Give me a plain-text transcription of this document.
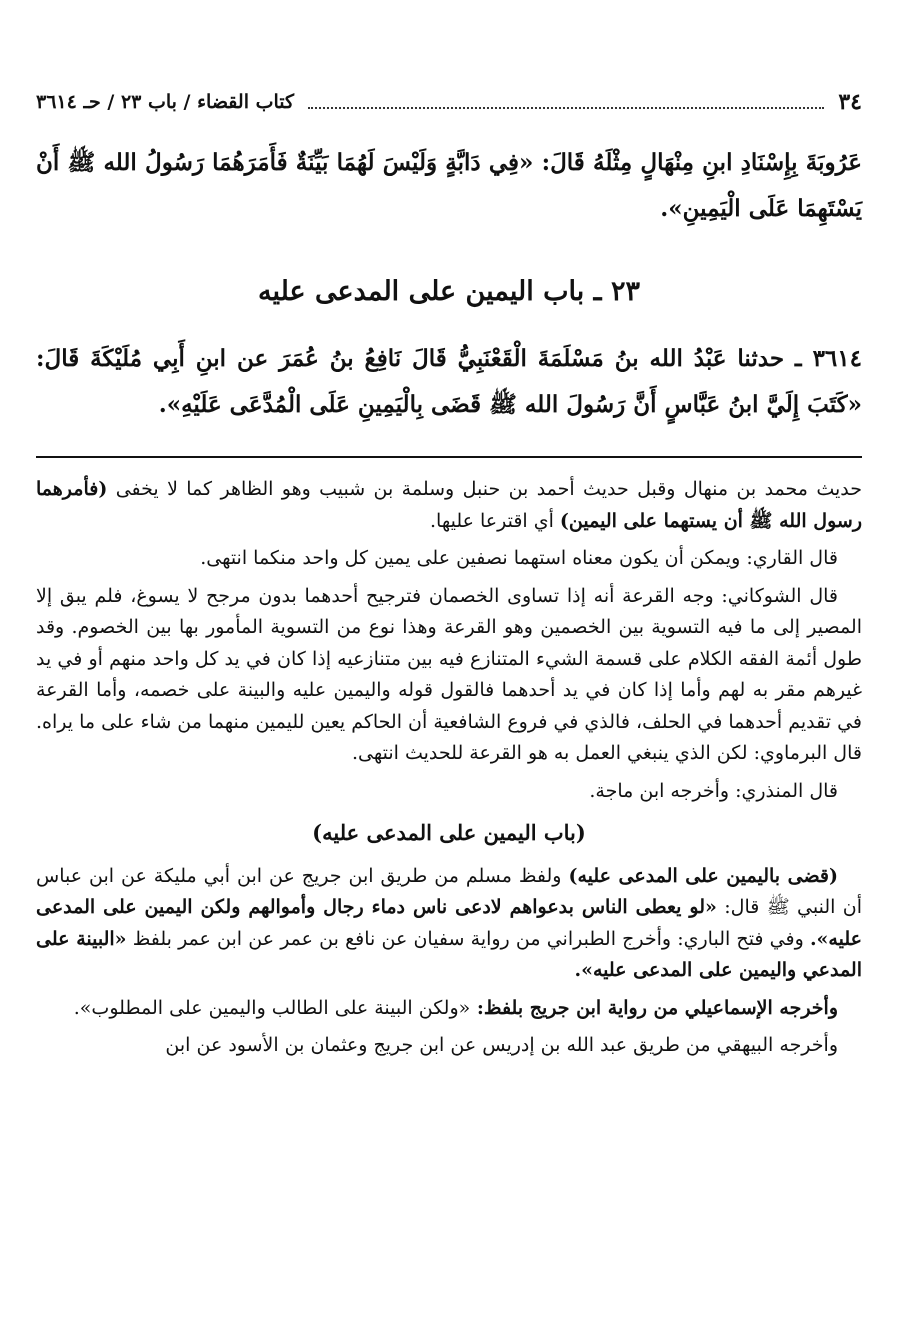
٣٤
كتاب القضاء / باب ٢٣ / حـ ٣٦١٤
عَرُوبَةَ بِإِسْنَادِ ابنِ مِنْهَالٍ مِثْلَهُ قَالَ: «فِي دَابَّةٍ وَلَيْسَ لَهُمَا بَيِّنَةٌ فَأَمَرَهُمَا رَسُولُ الله ﷺ أَنْ يَسْتَهِمَا عَلَى الْيَمِينِ».
٢٣ ـ باب اليمين على المدعى عليه
٣٦١٤ ـ حدثنا عَبْدُ الله بنُ مَسْلَمَةَ الْقَعْنَبِيُّ قَالَ نَافِعُ بنُ عُمَرَ عن ابنِ أَبِي مُلَيْكَةَ قَالَ: «كَتَبَ إِلَيَّ ابنُ عَبَّاسٍ أَنَّ رَسُولَ الله ﷺ قَضَى بِالْيَمِينِ عَلَى الْمُدَّعَى عَلَيْهِ».

حديث محمد بن منهال وقبل حديث أحمد بن حنبل وسلمة بن شبيب وهو الظاهر كما لا يخفى (فأمرهما رسول الله ﷺ أن يستهما على اليمين) أي اقترعا عليها.

قال القاري: ويمكن أن يكون معناه استهما نصفين على يمين كل واحد منكما انتهى.

قال الشوكاني: وجه القرعة أنه إذا تساوى الخصمان فترجيح أحدهما بدون مرجح لا يسوغ، فلم يبق إلا المصير إلى ما فيه التسوية بين الخصمين وهو القرعة وهذا نوع من التسوية المأمور بها بين الخصوم. وقد طول أئمة الفقه الكلام على قسمة الشيء المتنازع فيه بين متنازعيه إذا كان في يد كل واحد منهم أو في يد غيرهم مقر به لهم وأما إذا كان في يد أحدهما فالقول قوله واليمين عليه والبينة على خصمه، وأما القرعة في تقديم أحدهما في الحلف، فالذي في فروع الشافعية أن الحاكم يعين لليمين منهما من شاء على ما يراه. قال البرماوي: لكن الذي ينبغي العمل به هو القرعة للحديث انتهى.

قال المنذري: وأخرجه ابن ماجة.

(باب اليمين على المدعى عليه)

(قضى باليمين على المدعى عليه) ولفظ مسلم من طريق ابن جريج عن ابن أبي مليكة عن ابن عباس أن النبي ﷺ قال: «لو يعطى الناس بدعواهم لادعى ناس دماء رجال وأموالهم ولكن اليمين على المدعى عليه». وفي فتح الباري: وأخرج الطبراني من رواية سفيان عن نافع بن عمر عن ابن عمر بلفظ «البينة على المدعي واليمين على المدعى عليه».

وأخرجه الإسماعيلي من رواية ابن جريج بلفظ: «ولكن البينة على الطالب واليمين على المطلوب».

وأخرجه البيهقي من طريق عبد الله بن إدريس عن ابن جريج وعثمان بن الأسود عن ابن
